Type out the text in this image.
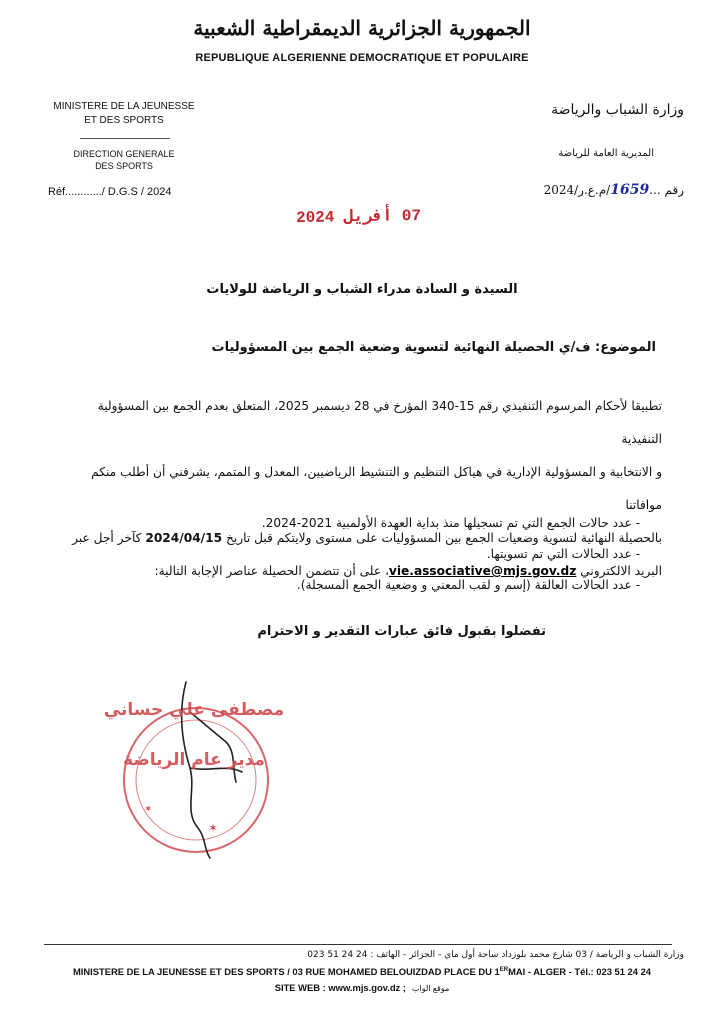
الجمهورية الجزائرية الديمقراطية الشعبية
REPUBLIQUE ALGERIENNE DEMOCRATIQUE ET POPULAIRE
MINISTERE DE LA JEUNESSE
ET DES SPORTS
DIRECTION GENERALE
DES SPORTS
Réf............/ D.G.S / 2024
وزارة الشباب والرياضة
المديرية العامة للرياضة
رقم ...1659/م.ع.ر/2024
07 أفريل 2024
السيدة و السادة مدراء الشباب و الرياضة للولايات
الموضوع: ف/ي الحصيلة النهائية لتسوية وضعية الجمع بين المسؤوليات
تطبيقا لأحكام المرسوم التنفيذي رقم 15-340 المؤرخ في 28 ديسمبر 2025، المتعلق بعدم الجمع بين المسؤولية التنفيذية
و الانتخابية و المسؤولية الإدارية في هياكل التنظيم و التنشيط الرياضيين، المعدل و المتمم، يشرفني أن أطلب منكم موافاتنا
بالحصيلة النهائية لتسوية وضعيات الجمع بين المسؤوليات على مستوى ولايتكم قبل تاريخ 2024/04/15 كآخر أجل عبر
البريد الالكتروني vie.associative@mjs.gov.dz، على أن تتضمن الحصيلة عناصر الإجابة التالية:
- عدد حالات الجمع التي تم تسجيلها منذ بداية العهدة الأولمبية 2021-2024.
- عدد الحالات التي تم تسويتها.
- عدد الحالات العالقة (إسم و لقب المعني و وضعية الجمع المسجلة).
تفضلوا بقبول فائق عبارات التقدير و الاحترام
✶
✶
مصطفى علي حساني
مدير عام الرياضة
وزارة الشباب و الرياضة / 03 شارع محمد بلوزداد ساحة أول ماي - الجزائر - الهاتف : 24 24 51 023
MINISTERE DE LA JEUNESSE ET DES SPORTS / 03 RUE MOHAMED BELOUIZDAD PLACE DU 1ERMAI - ALGER - Tél.: 023 51 24 24
SITE WEB : www.mjs.gov.dz ; موقع الواب
